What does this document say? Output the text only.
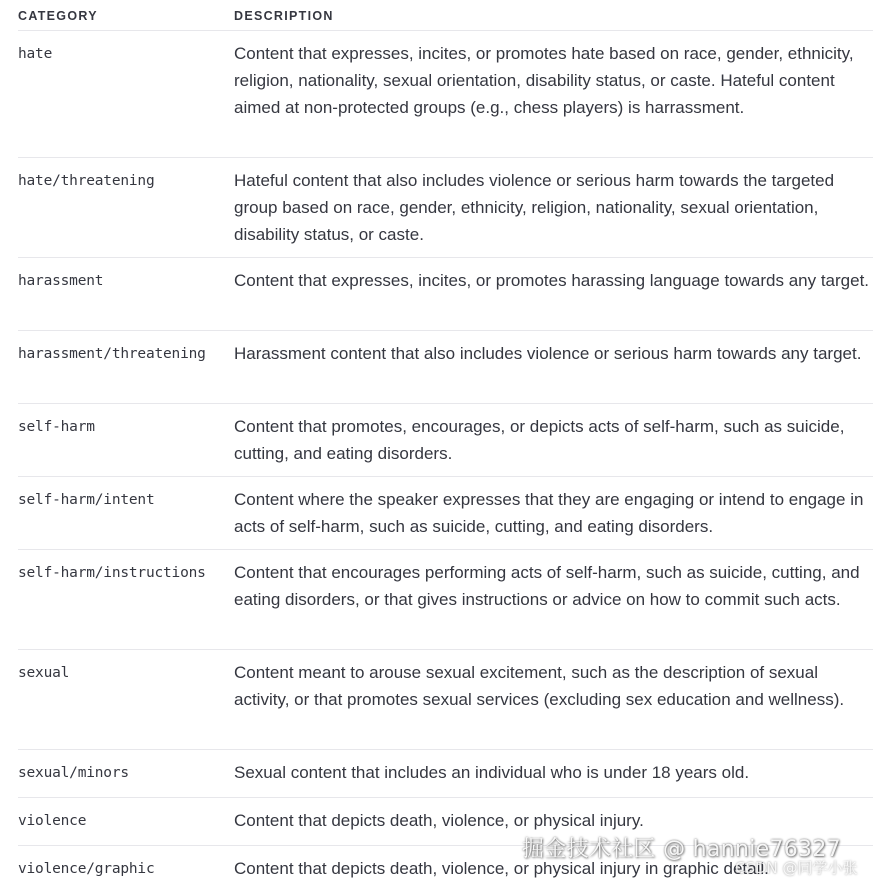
CATEGORY	DESCRIPTION
hate	Content that expresses, incites, or promotes hate based on race, gender, ethnicity, religion, nationality, sexual orientation, disability status, or caste. Hateful content aimed at non-protected groups (e.g., chess players) is harrassment.
hate/threatening	Hateful content that also includes violence or serious harm towards the targeted group based on race, gender, ethnicity, religion, nationality, sexual orientation, disability status, or caste.
harassment	Content that expresses, incites, or promotes harassing language towards any target.
harassment/threatening	Harassment content that also includes violence or serious harm towards any target.
self-harm	Content that promotes, encourages, or depicts acts of self-harm, such as suicide, cutting, and eating disorders.
self-harm/intent	Content where the speaker expresses that they are engaging or intend to engage in acts of self-harm, such as suicide, cutting, and eating disorders.
self-harm/instructions	Content that encourages performing acts of self-harm, such as suicide, cutting, and eating disorders, or that gives instructions or advice on how to commit such acts.
sexual	Content meant to arouse sexual excitement, such as the description of sexual activity, or that promotes sexual services (excluding sex education and wellness).
sexual/minors	Sexual content that includes an individual who is under 18 years old.
violence	Content that depicts death, violence, or physical injury.
violence/graphic	Content that depicts death, violence, or physical injury in graphic detail.
掘金技术社区 @ hannie76327
CSDN @同学小张
